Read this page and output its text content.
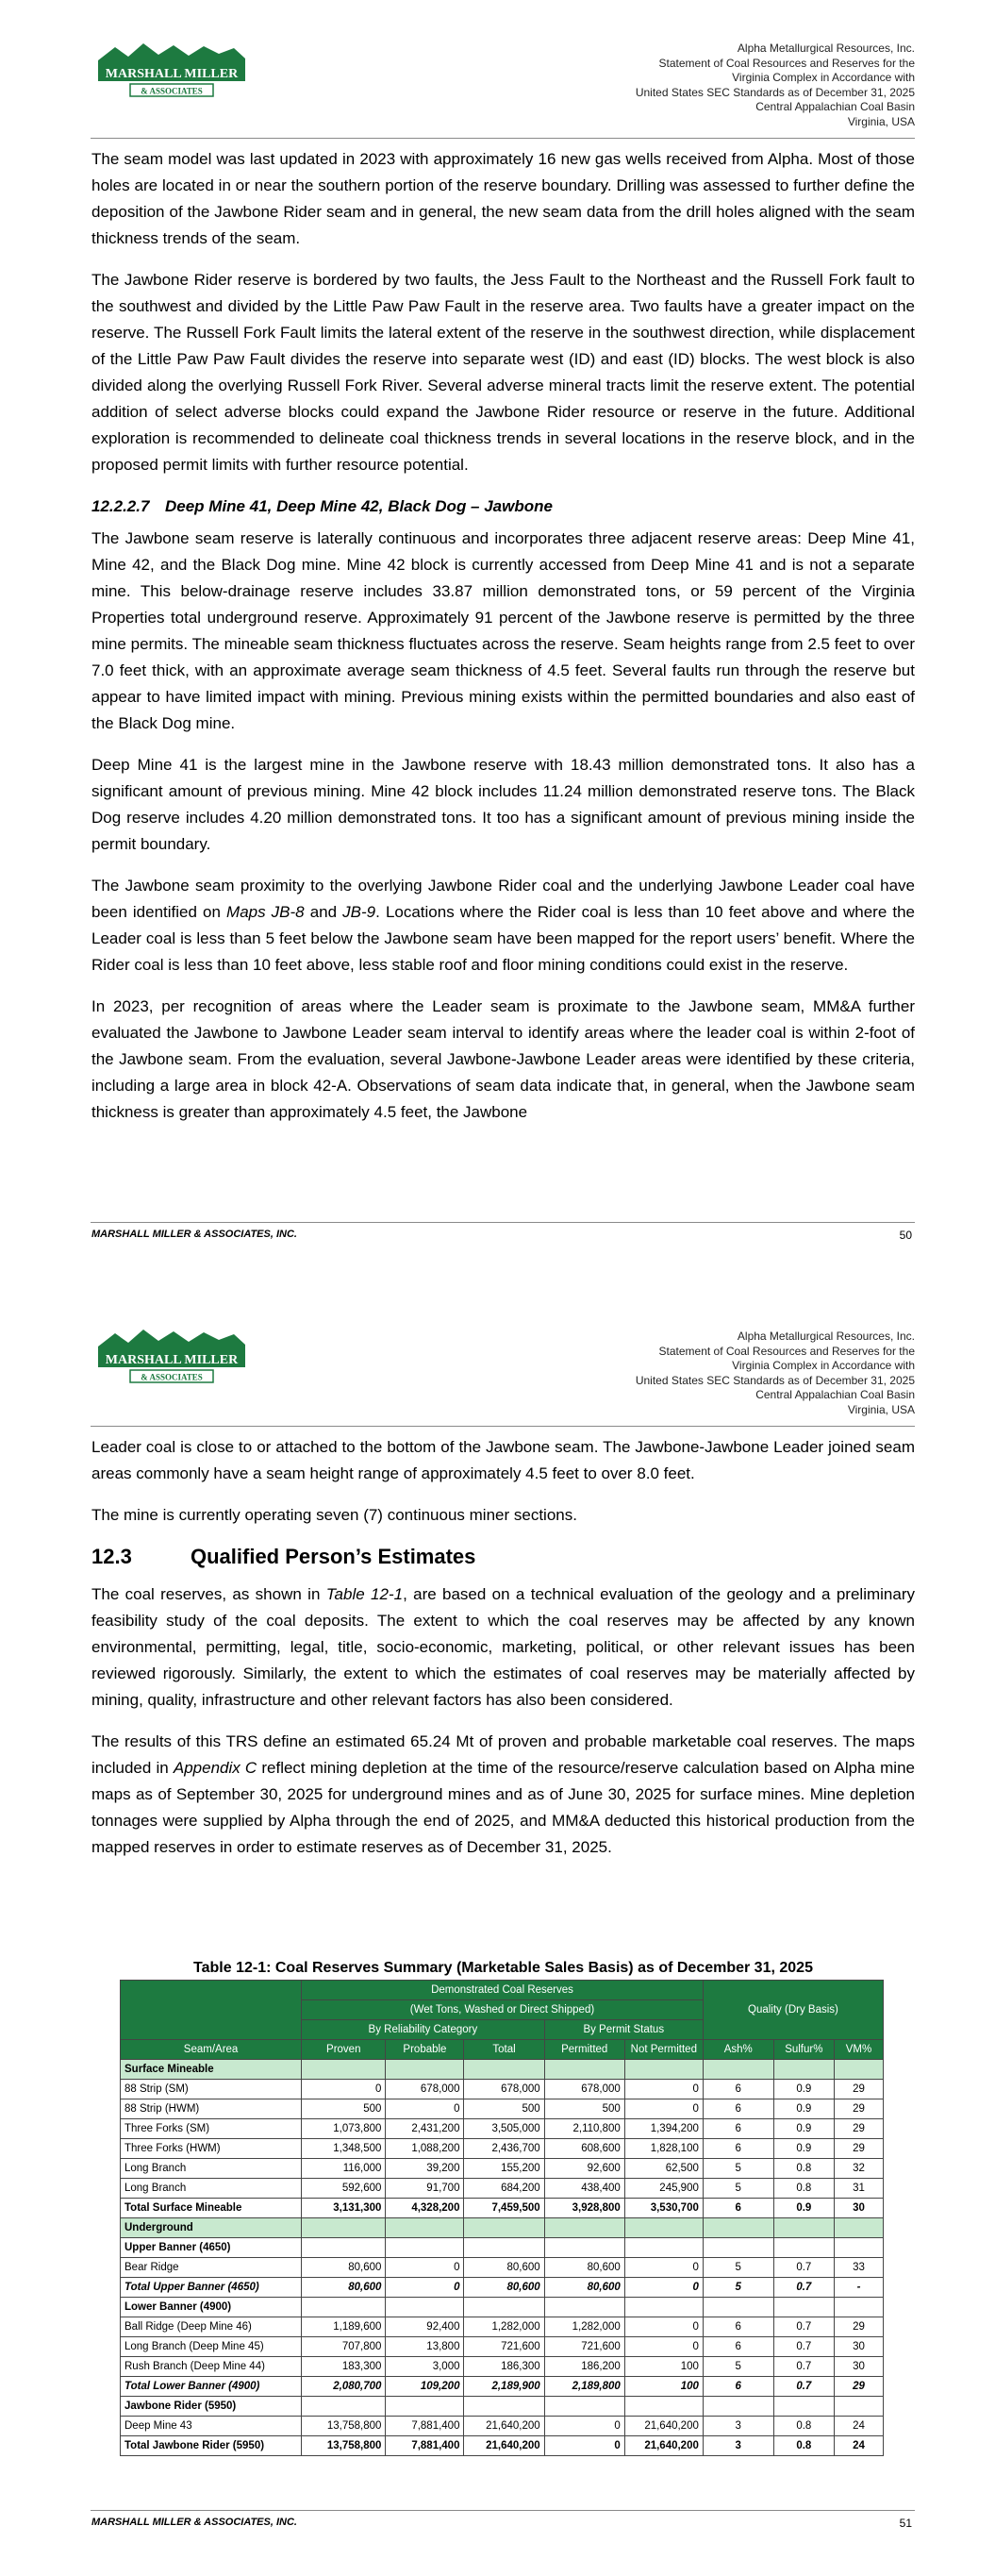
MARSHALL MILLER
& ASSOCIATES
Alpha Metallurgical Resources, Inc.
Statement of Coal Resources and Reserves for the
Virginia Complex in Accordance with
United States SEC Standards as of December 31, 2025
Central Appalachian Coal Basin
Virginia, USA

The seam model was last updated in 2023 with approximately 16 new gas wells received from Alpha. Most of those holes are located in or near the southern portion of the reserve boundary. Drilling was assessed to further define the deposition of the Jawbone Rider seam and in general, the new seam data from the drill holes aligned with the seam thickness trends of the seam.

The Jawbone Rider reserve is bordered by two faults, the Jess Fault to the Northeast and the Russell Fork fault to the southwest and divided by the Little Paw Paw Fault in the reserve area. Two faults have a greater impact on the reserve. The Russell Fork Fault limits the lateral extent of the reserve in the southwest direction, while displacement of the Little Paw Paw Fault divides the reserve into separate west (ID) and east (ID) blocks. The west block is also divided along the overlying Russell Fork River. Several adverse mineral tracts limit the reserve extent. The potential addition of select adverse blocks could expand the Jawbone Rider resource or reserve in the future. Additional exploration is recommended to delineate coal thickness trends in several locations in the reserve block, and in the proposed permit limits with further resource potential.

12.2.2.7 Deep Mine 41, Deep Mine 42, Black Dog – Jawbone

The Jawbone seam reserve is laterally continuous and incorporates three adjacent reserve areas: Deep Mine 41, Mine 42, and the Black Dog mine. Mine 42 block is currently accessed from Deep Mine 41 and is not a separate mine. This below-drainage reserve includes 33.87 million demonstrated tons, or 59 percent of the Virginia Properties total underground reserve. Approximately 91 percent of the Jawbone reserve is permitted by the three mine permits. The mineable seam thickness fluctuates across the reserve. Seam heights range from 2.5 feet to over 7.0 feet thick, with an approximate average seam thickness of 4.5 feet. Several faults run through the reserve but appear to have limited impact with mining. Previous mining exists within the permitted boundaries and also east of the Black Dog mine.

Deep Mine 41 is the largest mine in the Jawbone reserve with 18.43 million demonstrated tons. It also has a significant amount of previous mining. Mine 42 block includes 11.24 million demonstrated reserve tons. The Black Dog reserve includes 4.20 million demonstrated tons. It too has a significant amount of previous mining inside the permit boundary.

The Jawbone seam proximity to the overlying Jawbone Rider coal and the underlying Jawbone Leader coal have been identified on Maps JB-8 and JB-9. Locations where the Rider coal is less than 10 feet above and where the Leader coal is less than 5 feet below the Jawbone seam have been mapped for the report users’ benefit. Where the Rider coal is less than 10 feet above, less stable roof and floor mining conditions could exist in the reserve.

In 2023, per recognition of areas where the Leader seam is proximate to the Jawbone seam, MM&A further evaluated the Jawbone to Jawbone Leader seam interval to identify areas where the leader coal is within 2-foot of the Jawbone seam. From the evaluation, several Jawbone-Jawbone Leader areas were identified by these criteria, including a large area in block 42-A. Observations of seam data indicate that, in general, when the Jawbone seam thickness is greater than approximately 4.5 feet, the Jawbone

MARSHALL MILLER & ASSOCIATES, INC.	50
MARSHALL MILLER
& ASSOCIATES
Alpha Metallurgical Resources, Inc.
Statement of Coal Resources and Reserves for the
Virginia Complex in Accordance with
United States SEC Standards as of December 31, 2025
Central Appalachian Coal Basin
Virginia, USA

Leader coal is close to or attached to the bottom of the Jawbone seam. The Jawbone-Jawbone Leader joined seam areas commonly have a seam height range of approximately 4.5 feet to over 8.0 feet.

The mine is currently operating seven (7) continuous miner sections.

12.3	Qualified Person’s Estimates

The coal reserves, as shown in Table 12-1, are based on a technical evaluation of the geology and a preliminary feasibility study of the coal deposits. The extent to which the coal reserves may be affected by any known environmental, permitting, legal, title, socio-economic, marketing, political, or other relevant issues has been reviewed rigorously. Similarly, the extent to which the estimates of coal reserves may be materially affected by mining, quality, infrastructure and other relevant factors has also been considered.

The results of this TRS define an estimated 65.24 Mt of proven and probable marketable coal reserves. The maps included in Appendix C reflect mining depletion at the time of the resource/reserve calculation based on Alpha mine maps as of September 30, 2025 for underground mines and as of June 30, 2025 for surface mines. Mine depletion tonnages were supplied by Alpha through the end of 2025, and MM&A deducted this historical production from the mapped reserves in order to estimate reserves as of December 31, 2025.

Table 12-1: Coal Reserves Summary (Marketable Sales Basis) as of December 31, 2025
	Demonstrated Coal Reserves					Quality (Dry Basis)		
	(Wet Tons, Washed or Direct Shipped)							
	By Reliability Category			By Permit Status				
Seam/Area	Proven	Probable	Total	Permitted	Not Permitted	Ash%	Sulfur%	VM%
Surface Mineable								
88 Strip (SM)	0	678,000	678,000	678,000	0	6	0.9	29
88 Strip (HWM)	500	0	500	500	0	6	0.9	29
Three Forks (SM)	1,073,800	2,431,200	3,505,000	2,110,800	1,394,200	6	0.9	29
Three Forks (HWM)	1,348,500	1,088,200	2,436,700	608,600	1,828,100	6	0.9	29
Long Branch	116,000	39,200	155,200	92,600	62,500	5	0.8	32
Long Branch	592,600	91,700	684,200	438,400	245,900	5	0.8	31
Total Surface Mineable	3,131,300	4,328,200	7,459,500	3,928,800	3,530,700	6	0.9	30
Underground								
Upper Banner (4650)								
Bear Ridge	80,600	0	80,600	80,600	0	5	0.7	33
Total Upper Banner (4650)	80,600	0	80,600	80,600	0	5	0.7	-
Lower Banner (4900)								
Ball Ridge (Deep Mine 46)	1,189,600	92,400	1,282,000	1,282,000	0	6	0.7	29
Long Branch (Deep Mine 45)	707,800	13,800	721,600	721,600	0	6	0.7	30
Rush Branch (Deep Mine 44)	183,300	3,000	186,300	186,200	100	5	0.7	30
Total Lower Banner (4900)	2,080,700	109,200	2,189,900	2,189,800	100	6	0.7	29
Jawbone Rider (5950)								
Deep Mine 43	13,758,800	7,881,400	21,640,200	0	21,640,200	3	0.8	24
Total Jawbone Rider (5950)	13,758,800	7,881,400	21,640,200	0	21,640,200	3	0.8	24
MARSHALL MILLER & ASSOCIATES, INC.	51
